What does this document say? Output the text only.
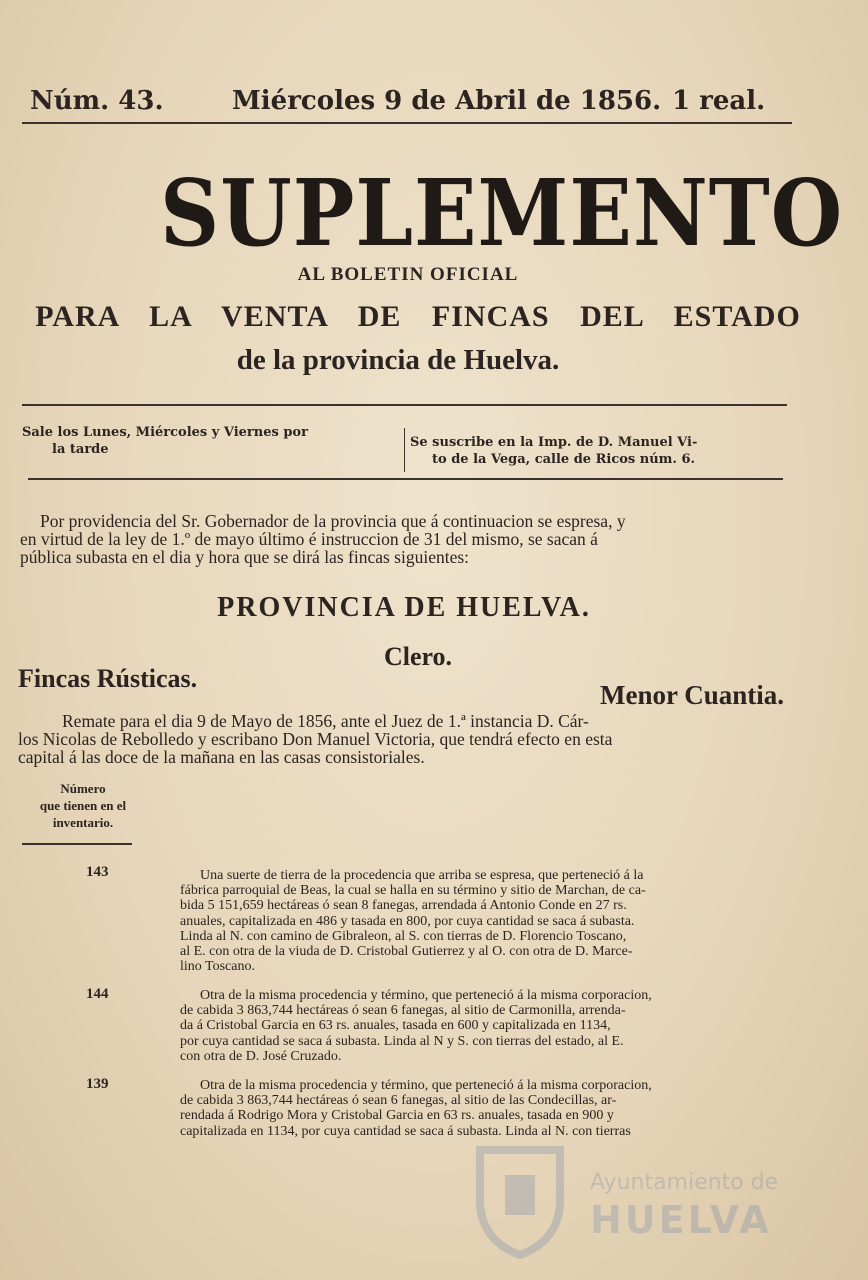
Núm. 43.	Miércoles 9 de Abril de 1856. 1 real.
SUPLEMENTO
AL BOLETIN OFICIAL
PARA LA VENTA DE FINCAS DEL ESTADO
de la provincia de Huelva.
Sale los Lunes, Miércoles y Viernes por
la tarde	Se suscribe en la Imp. de D. Manuel Vi-
to de la Vega, calle de Ricos núm. 6.
Por providencia del Sr. Gobernador de la provincia que á continuacion se espresa, y
en virtud de la ley de 1.º de mayo último é instruccion de 31 del mismo, se sacan á
pública subasta en el dia y hora que se dirá las fincas siguientes:
PROVINCIA DE HUELVA.
Clero.
Fincas Rústicas.
Menor Cuantia.
Remate para el dia 9 de Mayo de 1856, ante el Juez de 1.ª instancia D. Cár-
los Nicolas de Rebolledo y escribano Don Manuel Victoria, que tendrá efecto en esta
capital á las doce de la mañana en las casas consistoriales.
Número
que tienen en el
inventario.
143	Una suerte de tierra de la procedencia que arriba se espresa, que perteneció á la
fábrica parroquial de Beas, la cual se halla en su término y sitio de Marchan, de ca-
bida 5 151,659 hectáreas ó sean 8 fanegas, arrendada á Antonio Conde en 27 rs.
anuales, capitalizada en 486 y tasada en 800, por cuya cantidad se saca á subasta.
Linda al N. con camino de Gibraleon, al S. con tierras de D. Florencio Toscano,
al E. con otra de la viuda de D. Cristobal Gutierrez y al O. con otra de D. Marce-
lino Toscano.
144	Otra de la misma procedencia y término, que perteneció á la misma corporacion,
de cabida 3 863,744 hectáreas ó sean 6 fanegas, al sitio de Carmonilla, arrenda-
da á Cristobal Garcia en 63 rs. anuales, tasada en 600 y capitalizada en 1134,
por cuya cantidad se saca á subasta. Linda al N y S. con tierras del estado, al E.
con otra de D. José Cruzado.
139	Otra de la misma procedencia y término, que perteneció á la misma corporacion,
de cabida 3 863,744 hectáreas ó sean 6 fanegas, al sitio de las Condecillas, ar-
rendada á Rodrigo Mora y Cristobal Garcia en 63 rs. anuales, tasada en 900 y
capitalizada en 1134, por cuya cantidad se saca á subasta. Linda al N. con tierras
Ayuntamiento de
HUELVA
